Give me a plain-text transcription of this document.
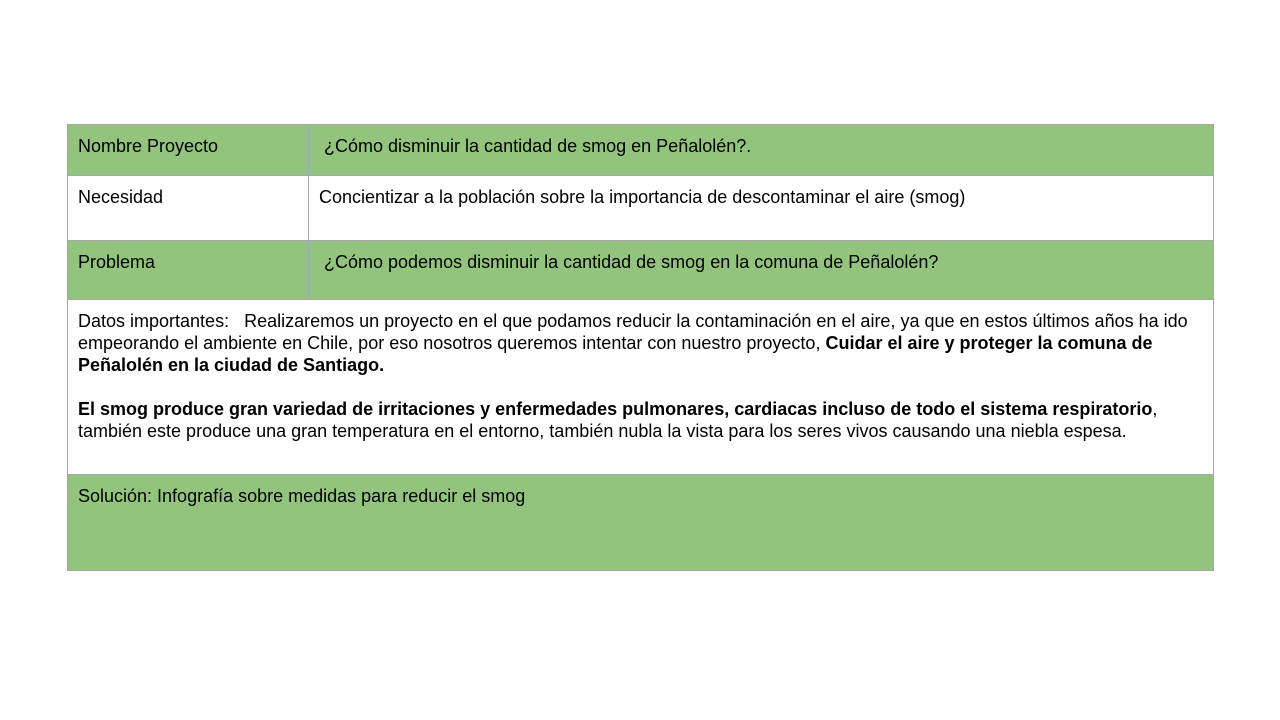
Nombre Proyecto	¿Cómo disminuir la cantidad de smog en Peñalolén?.
Necesidad	Concientizar a la población sobre la importancia de descontaminar el aire (smog)
Problema	¿Cómo podemos disminuir la cantidad de smog en la comuna de Peñalolén?

Datos importantes:   Realizaremos un proyecto en el que podamos reducir la contaminación en el aire, ya que en estos últimos años ha ido empeorando el ambiente en Chile, por eso nosotros queremos intentar con nuestro proyecto, Cuidar el aire y proteger la comuna de Peñalolén en la ciudad de Santiago.
El smog produce gran variedad de irritaciones y enfermedades pulmonares, cardiacas incluso de todo el sistema respiratorio, también este produce una gran temperatura en el entorno, también nubla la vista para los seres vivos causando una niebla espesa.	

Solución: Infografía sobre medidas para reducir el smog	
